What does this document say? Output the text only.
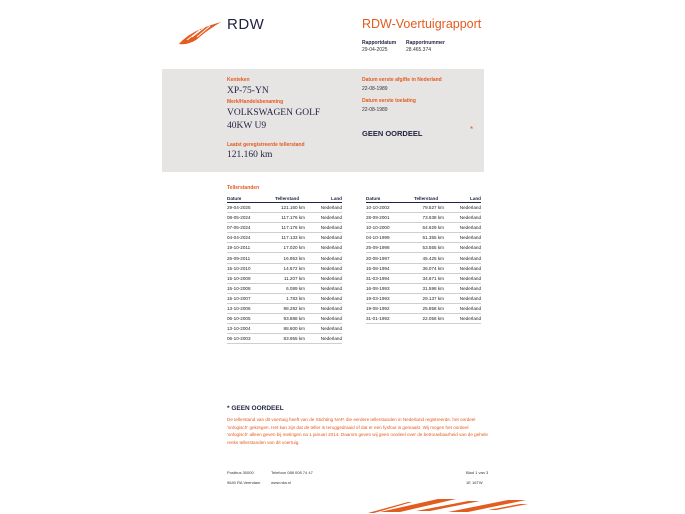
RDW	RDW-Voertuigrapport
Rapportdatum
29-04-2025
Rapportnummer
28.465.374
Kenteken
XP-75-YN
Merk/Handelsbenaming
VOLKSWAGEN GOLF
40KW U9
Laatst geregistreerde tellerstand
121.160 km
Datum eerste afgifte in Nederland
22-08-1989
Datum eerste toelating
22-08-1989
GEEN OORDEEL	*
Tellerstanden
Datum	Tellerstand	Land
29-04-2025	121.160 km	Nederland
08-05-2024	117.176 km	Nederland
07-05-2024	117.176 km	Nederland
04-04-2024	117.133 km	Nederland
19-10-2011	17.020 km	Nederland
26-09-2011	16.953 km	Nederland
15-10-2010	14.672 km	Nederland
15-10-2009	11.207 km	Nederland
15-10-2008	6.089 km	Nederland
15-10-2007	1.783 km	Nederland
13-10-2006	98.282 km	Nederland
06-10-2005	93.888 km	Nederland
13-10-2004	88.600 km	Nederland
06-10-2003	83.955 km	Nederland
Datum	Tellerstand	Land
10-10-2002	79.527 km	Nederland
28-09-2001	73.638 km	Nederland
10-10-2000	64.629 km	Nederland
04-10-1999	61.355 km	Nederland
25-09-1998	53.555 km	Nederland
20-08-1997	45.425 km	Nederland
15-08-1994	36.074 km	Nederland
31-03-1994	34.671 km	Nederland
16-08-1993	31.598 km	Nederland
19-03-1993	29.137 km	Nederland
19-08-1992	25.858 km	Nederland
31-01-1992	22.056 km	Nederland
* GEEN OORDEEL
De tellerstand van dit voertuig heeft van de Stichting NAP, die eerdere tellerstanden in Nederland registreerde, het oordeel 'onlogisch' gekregen. Het kan zijn dat de teller is teruggedraaid of dat er een fysfout is gemaakt. Wij mogen het oordeel 'onlogisch' alleen geven bij metingen na 1 januari 2014. Daarom geven wij geen oordeel over de betrouwbaarheid van de gehele reeks tellerstanden van dit voertuig.
Postbus 30000
9640 RA Veendam
Telefoon 088 008 74 47
www.rdw.nl
Blad 1 van 3
1E 16TW
